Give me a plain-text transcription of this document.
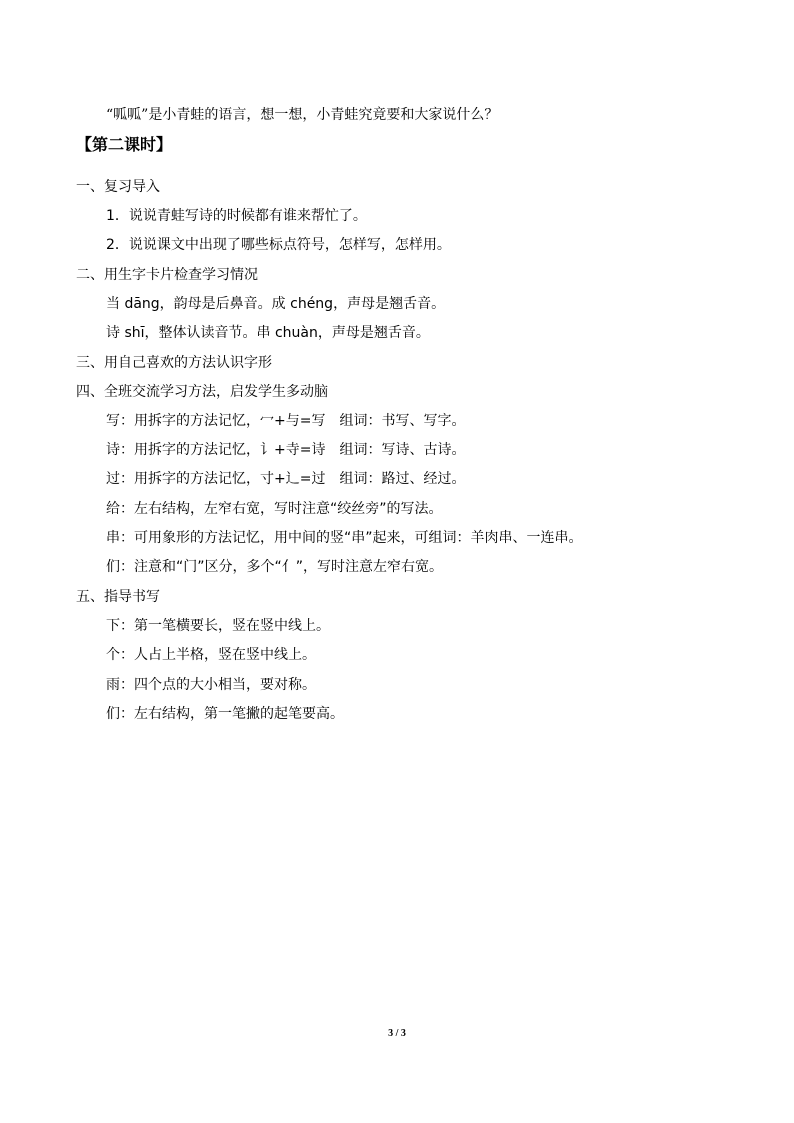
“呱呱”是小青蛙的语言，想一想，小青蛙究竟要和大家说什么？
【第二课时】
一、复习导入
1．说说青蛙写诗的时候都有谁来帮忙了。
2．说说课文中出现了哪些标点符号，怎样写，怎样用。
二、用生字卡片检查学习情况
当 dāng，韵母是后鼻音。成 chéng，声母是翘舌音。
诗 shī，整体认读音节。串 chuàn，声母是翘舌音。
三、用自己喜欢的方法认识字形
四、全班交流学习方法，启发学生多动脑
写：用拆字的方法记忆，冖+与=写　组词：书写、写字。
诗：用拆字的方法记忆，讠+寺=诗　组词：写诗、古诗。
过：用拆字的方法记忆，寸+辶=过　组词：路过、经过。
给：左右结构，左窄右宽，写时注意“绞丝旁”的写法。
串：可用象形的方法记忆，用中间的竖“串”起来，可组词：羊肉串、一连串。
们：注意和“门”区分，多个“亻”，写时注意左窄右宽。
五、指导书写
下：第一笔横要长，竖在竖中线上。
个：人占上半格，竖在竖中线上。
雨：四个点的大小相当，要对称。
们：左右结构，第一笔撇的起笔要高。
3 / 3
